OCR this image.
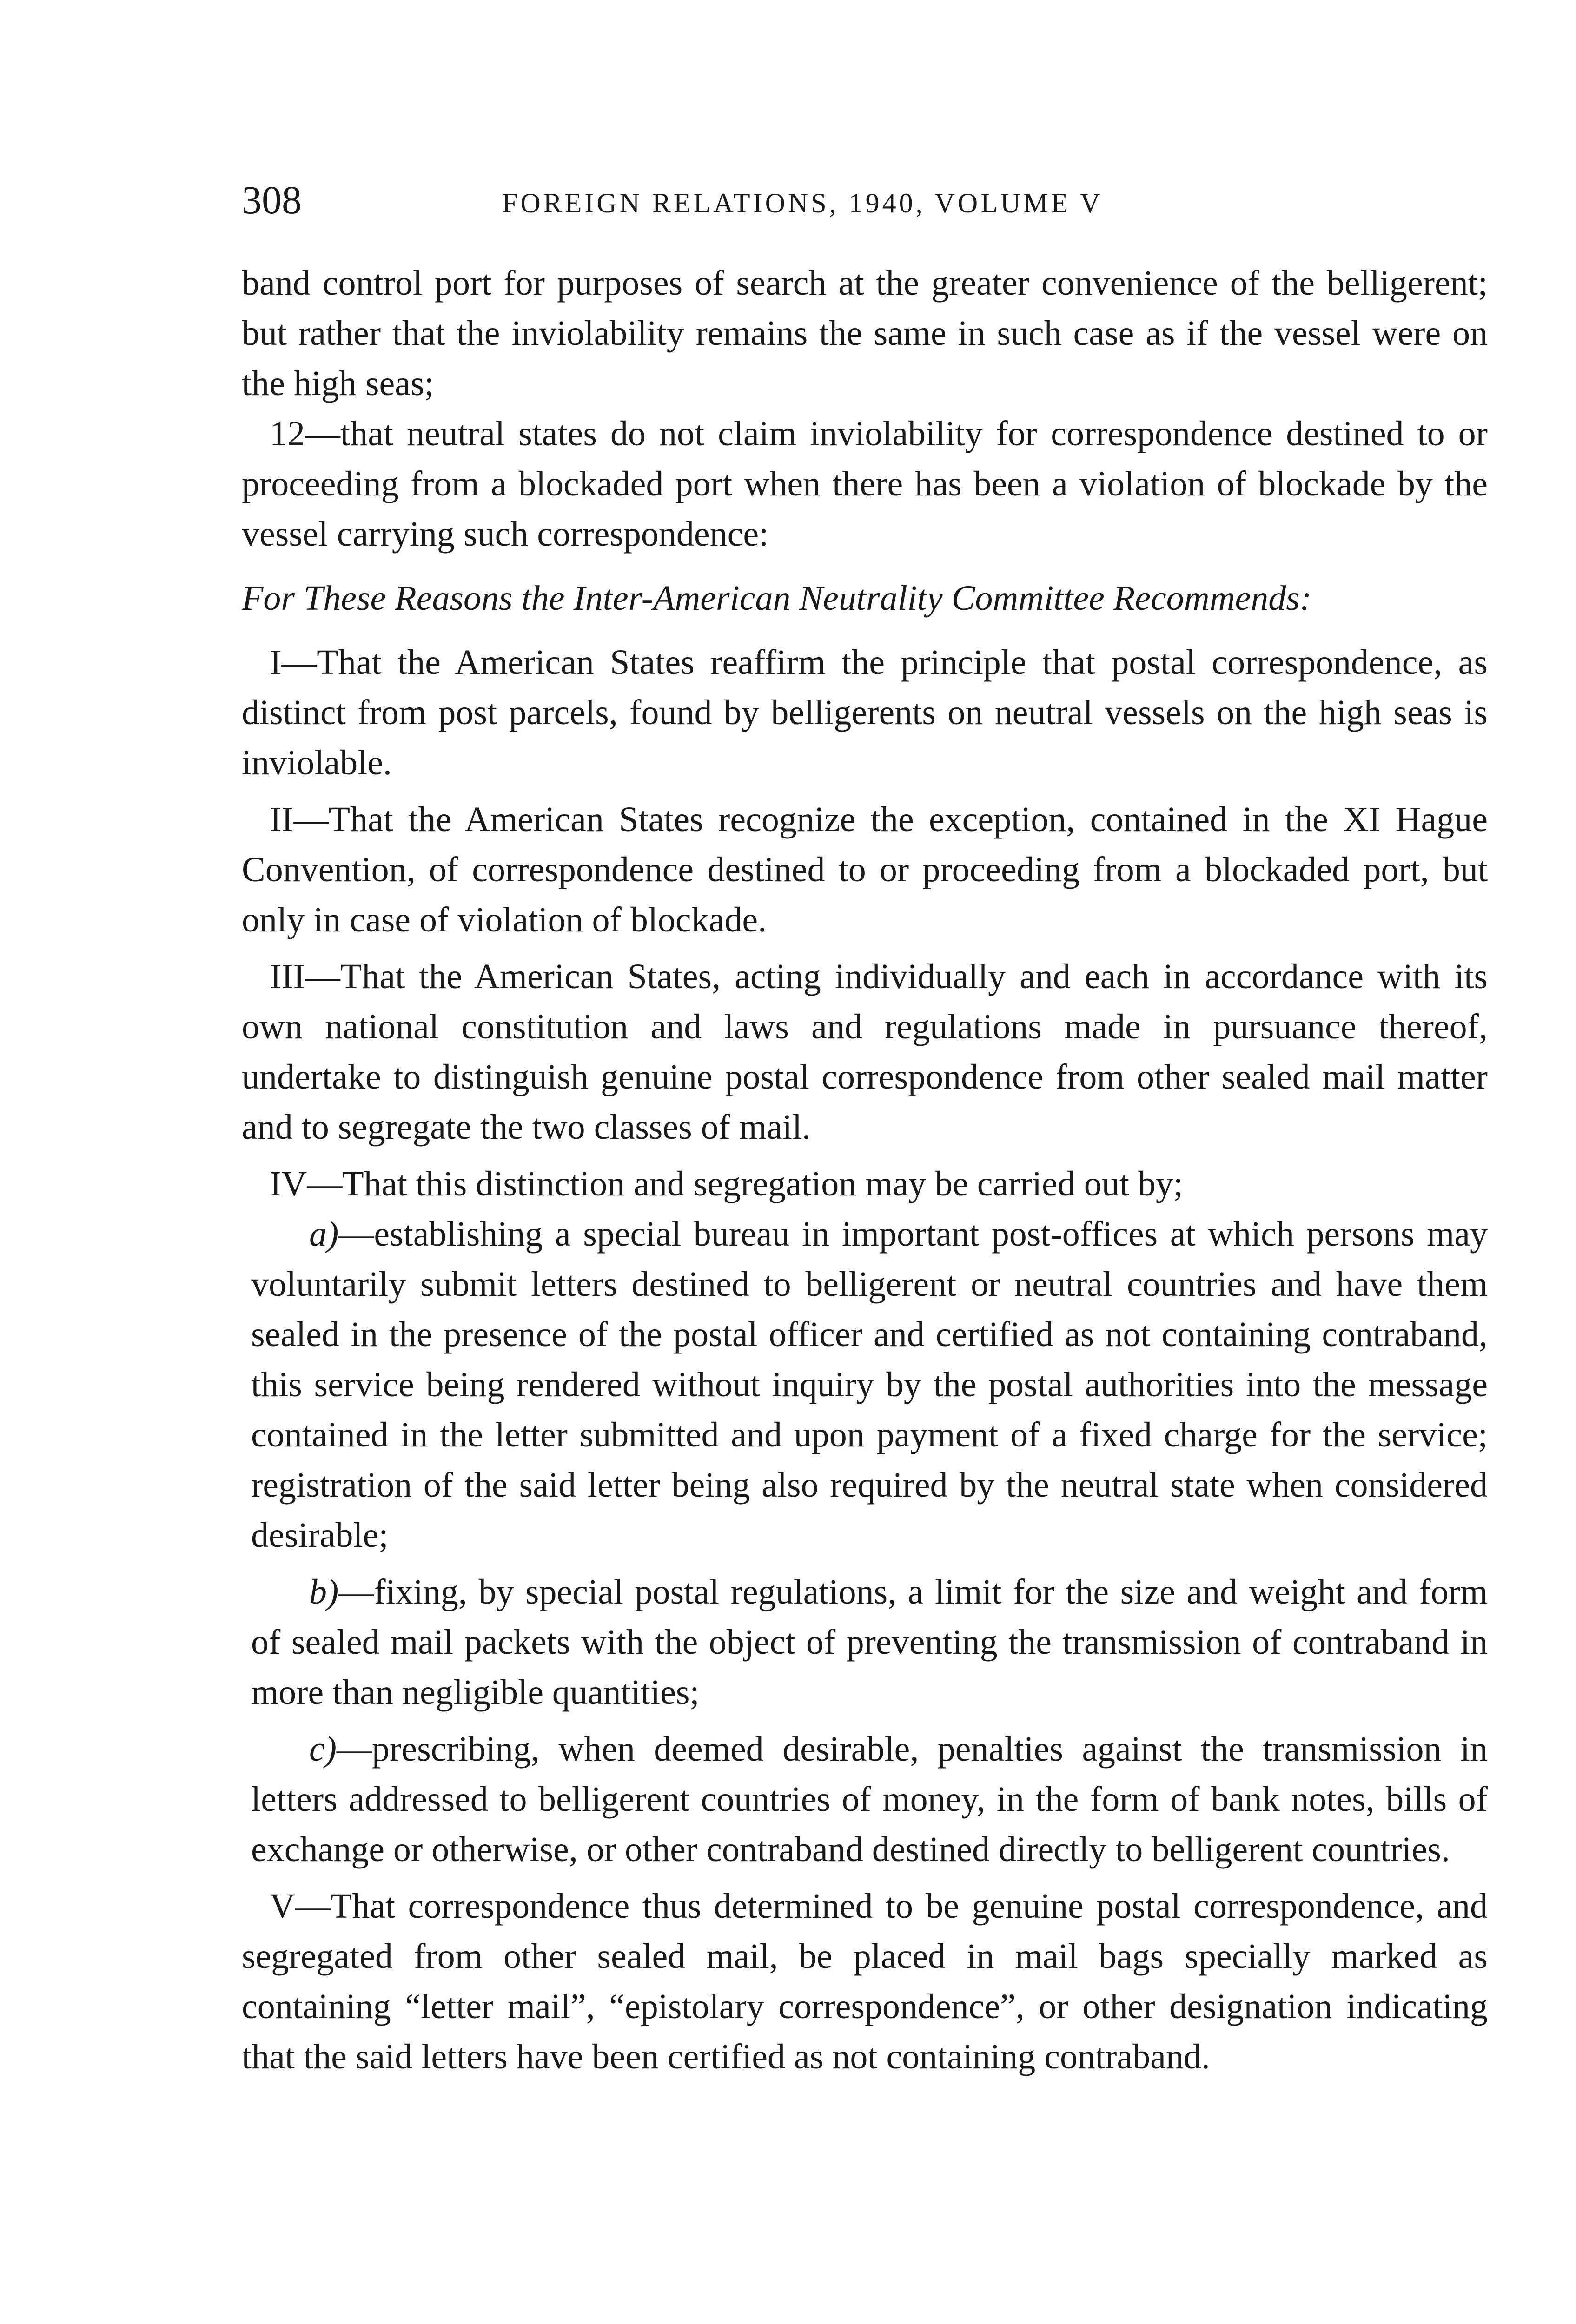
308	FOREIGN RELATIONS, 1940, VOLUME V

band control port for purposes of search at the greater convenience of the belligerent; but rather that the inviolability remains the same in such case as if the vessel were on the high seas;

12—that neutral states do not claim inviolability for correspondence destined to or proceeding from a blockaded port when there has been a violation of blockade by the vessel carrying such correspondence:

For These Reasons the Inter-American Neutrality Committee Recommends:

I—That the American States reaffirm the principle that postal correspondence, as distinct from post parcels, found by belligerents on neutral vessels on the high seas is inviolable.

II—That the American States recognize the exception, contained in the XI Hague Convention, of correspondence destined to or proceeding from a blockaded port, but only in case of violation of blockade.

III—That the American States, acting individually and each in accordance with its own national constitution and laws and regulations made in pursuance thereof, undertake to distinguish genuine postal correspondence from other sealed mail matter and to segregate the two classes of mail.

IV—That this distinction and segregation may be carried out by;

a)—establishing a special bureau in important post-offices at which persons may voluntarily submit letters destined to belligerent or neutral countries and have them sealed in the presence of the postal officer and certified as not containing contraband, this service being rendered without inquiry by the postal authorities into the message contained in the letter submitted and upon payment of a fixed charge for the service; registration of the said letter being also required by the neutral state when considered desirable;

b)—fixing, by special postal regulations, a limit for the size and weight and form of sealed mail packets with the object of preventing the transmission of contraband in more than negligible quantities;

c)—prescribing, when deemed desirable, penalties against the transmission in letters addressed to belligerent countries of money, in the form of bank notes, bills of exchange or otherwise, or other contraband destined directly to belligerent countries.

V—That correspondence thus determined to be genuine postal correspondence, and segregated from other sealed mail, be placed in mail bags specially marked as containing “letter mail”, “epistolary correspondence”, or other designation indicating that the said letters have been certified as not containing contraband.
